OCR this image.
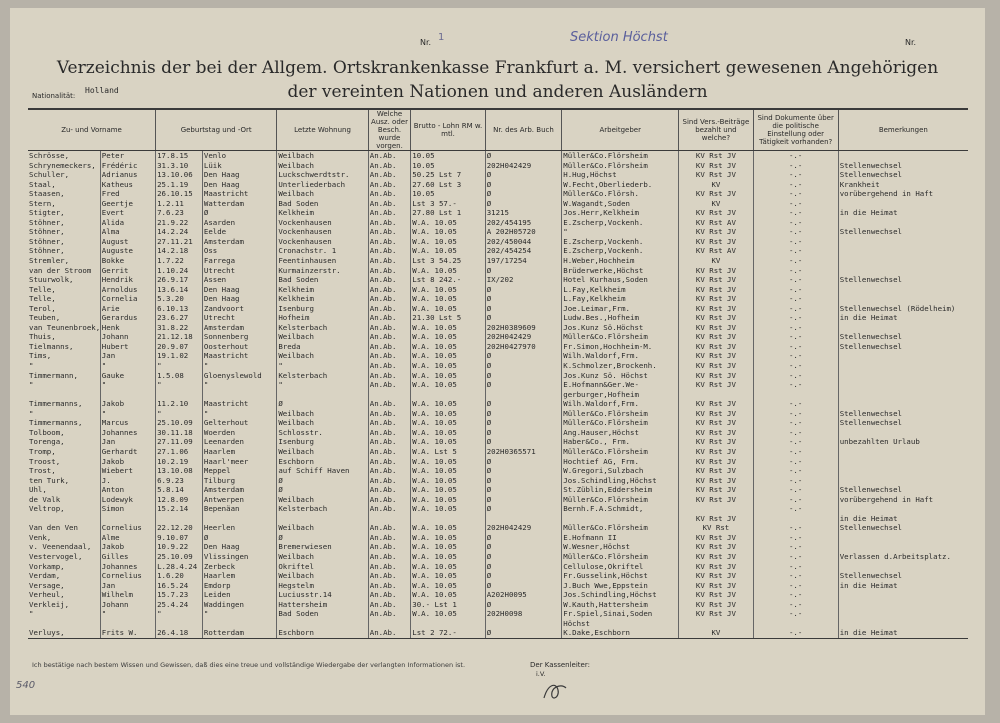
Nr. 1	Sektion Höchst	Nr.
Verzeichnis der bei der Allgem. Ortskrankenkasse Frankfurt a. M. versichert gewesenen Angehörigen
der vereinten Nationen und anderen Ausländern
Nationalität:
Holland
Zu- und Vorname		Geburtstag und -Ort		Letzte Wohnung	Welche Ausz. oder Besch. wurde vorgen.	Brutto - Lohn RM w. mtl.	Nr. des Arb. Buch	Arbeitgeber	Sind Vers.-Beiträge bezahlt und welche?	Sind Dokumente über die politische Einstellung oder Tätigkeit vorhanden?	Bemerkungen
Schrösse,	Peter	17.8.15	Venlo	Weilbach	An.Ab.	10.05	Ø	Müller&Co.Flörsheim	KV Rst JV	-.-	
Schrynemeckers,	Frédéric	31.3.10	Lüik	Weilbach	An.Ab.	10.05	202H042429	Müller&Co.Flörsheim	KV Rst JV	-.-	Stellenwechsel
Schuller,	Adrianus	13.10.06	Den Haag	Luckschwerdtstr.	An.Ab.	50.25 Lst 7	Ø	H.Hug,Höchst	KV Rst JV	-.-	Stellenwechsel
Staal,	Katheus	25.1.19	Den Haag	Unterliederbach	An.Ab.	27.60 Lst 3	Ø	W.Fecht,Oberliederb.	KV	-.-	Krankheit
Staasen,	Fred	26.10.15	Maastricht	Weilbach	An.Ab.	10.05	Ø	Müller&Co.Flörsh.	KV Rst JV	-.-	vorübergehend in Haft
Stern,	Geertje	1.2.11	Watterdam	Bad Soden	An.Ab.	Lst 3 57.-	Ø	W.Wagandt,Soden	KV	-.-	
Stigter,	Evert	7.6.23	Ø	Kelkheim	An.Ab.	27.80 Lst 1	31215	Jos.Herr,Kelkheim	KV Rst JV	-.-	in die Heimat
Stöhner,	Alida	21.9.22	Asarden	Vockenhausen	An.Ab.	W.A. 10.05	202/454195	E.Zscherp,Vockenh.	KV Rst AV	-.-	
Stöhner,	Alma	14.2.24	Eelde	Vockenhausen	An.Ab.	W.A. 10.05	A 202H05720	"	KV Rst JV	-.-	Stellenwechsel
Stöhner,	August	27.11.21	Amsterdam	Vockenhausen	An.Ab.	W.A. 10.05	202/450044	E.Zscherp,Vockenh.	KV Rst JV	-.-	
Stöhner,	Auguste	14.2.18	Oss	Cronachstr. 1	An.Ab.	W.A. 10.05	202/454254	E.Zscherp,Vockenh.	KV Rst AV	-.-	
Stremler,	Bokke	1.7.22	Farrega	Feentinhausen	An.Ab.	Lst 3 54.25	197/17254	H.Weber,Hochheim	KV	-.-	
van der Stroom	Gerrit	1.10.24	Utrecht	Kurmainzerstr.	An.Ab.	W.A. 10.05	Ø	Brüderwerke,Höchst	KV Rst JV	-.-	
Stuurwolk,	Hendrik	26.9.17	Assen	Bad Soden	An.Ab.	Lst 8 242.-	IX/202	Hotel Kurhaus,Soden	KV Rst JV	-.-	Stellenwechsel
Telle,	Arnoldus	13.6.14	Den Haag	Kelkheim	An.Ab.	W.A. 10.05	Ø	L.Fay,Kelkheim	KV Rst JV	-.-	
Telle,	Cornelia	5.3.20	Den Haag	Kelkheim	An.Ab.	W.A. 10.05	Ø	L.Fay,Kelkheim	KV Rst JV	-.-	
Terol,	Arie	6.10.13	Zandvoort	Isenburg	An.Ab.	W.A. 10.05	Ø	Joe.Leimar,Frm.	KV Rst JV	-.-	Stellenwechsel (Rödelheim)
Teuben,	Gerardus	23.6.27	Utrecht	Hofheim	An.Ab.	21.30 Lst 5	Ø	Ludw.Bes.,Hofheim	KV Rst JV	-.-	in die Heimat
van Teunenbroek,	Henk	31.8.22	Amsterdam	Kelsterbach	An.Ab.	W.A. 10.05	202H0389609	Jos.Kunz Sö.Höchst	KV Rst JV	-.-	
Thuis,	Johann	21.12.18	Sonnenberg	Weilbach	An.Ab.	W.A. 10.05	202H042429	Müller&Co.Flörsheim	KV Rst JV	-.-	Stellenwechsel
Tielmanns,	Hubert	20.9.07	Oosterhout	Breda	An.Ab.	W.A. 10.05	202H0427970	Fr.Simon,Hochheim-M.	KV Rst JV	-.-	Stellenwechsel
Tims,	Jan	19.1.02	Maastricht	Weilbach	An.Ab.	W.A. 10.05	Ø	Wilh.Waldorf,Frm.	KV Rst JV	-.-	
"	"	"	"	"	An.Ab.	W.A. 10.05	Ø	K.Schmolzer,Brockenh.	KV Rst JV	-.-	
Timmermann,	Gauke	1.5.08	Gloenyslewold	Kelsterbach	An.Ab.	W.A. 10.05	Ø	Jos.Kunz Sö. Höchst	KV Rst JV	-.-	
"	"	"	"	"	An.Ab.	W.A. 10.05	Ø	E.Hofmann&Ger.We-	KV Rst JV	-.-	
								gerburger,Hofheim			
Timmermanns,	Jakob	11.2.10	Maastricht	Ø	An.Ab.	W.A. 10.05	Ø	Wilh.Waldorf,Frm.	KV Rst JV	-.-	
"	"	"	"	Weilbach	An.Ab.	W.A. 10.05	Ø	Müller&Co.Flörsheim	KV Rst JV	-.-	Stellenwechsel
Timmermanns,	Marcus	25.10.09	Gelterhout	Weilbach	An.Ab.	W.A. 10.05	Ø	Müller&Co.Flörsheim	KV Rst JV	-.-	Stellenwechsel
Tolboom,	Johannes	30.11.18	Woerden	Schlosstr.	An.Ab.	W.A. 10.05	Ø	Ang.Hauser,Höchst	KV Rst JV	-.-	
Torenga,	Jan	27.11.09	Leenarden	Isenburg	An.Ab.	W.A. 10.05	Ø	Haber&Co., Frm.	KV Rst JV	-.-	unbezahlten Urlaub
Tromp,	Gerhardt	27.1.06	Haarlem	Weilbach	An.Ab.	W.A. Lst 5	202H0365571	Müller&Co.Flörsheim	KV Rst JV	-.-	
Troost,	Jakob	10.2.19	Haarl'meer	Eschborn	An.Ab.	W.A. 10.05	Ø	Hochtief AG, Frm.	KV Rst JV	-.-	
Trost,	Wiebert	13.10.08	Meppel	auf Schiff Haven	An.Ab.	W.A. 10.05	Ø	W.Gregori,Sulzbach	KV Rst JV	-.-	
ten Turk,	J.	6.9.23	Tilburg	Ø	An.Ab.	W.A. 10.05	Ø	Jos.Schindling,Höchst	KV Rst JV	-.-	
Uhl,	Anton	5.8.14	Amsterdam	Ø	An.Ab.	W.A. 10.05	Ø	St.Züblin,Eddersheim	KV Rst JV	-.-	Stellenwechsel
de Valk	Lodewyk	12.8.09	Antwerpen	Weilbach	An.Ab.	W.A. 10.05	Ø	Müller&Co.Flörsheim	KV Rst JV	-.-	vorübergehend in Haft
Veltrop,	Simon	15.2.14	Bepenäan	Kelsterbach	An.Ab.	W.A. 10.05	Ø	Bernh.F.A.Schmidt,		-.-	
									KV Rst JV		in die Heimat
Van den Ven	Cornelius	22.12.20	Heerlen	Weilbach	An.Ab.	W.A. 10.05	202H042429	Müller&Co.Flörsheim	KV Rst	-.-	Stellenwechsel
Venk,	Alme	9.10.07	Ø	Ø	An.Ab.	W.A. 10.05	Ø	E.Hofmann II	KV Rst JV	-.-	
v. Veenendaal,	Jakob	10.9.22	Den Haag	Bremerwiesen	An.Ab.	W.A. 10.05	Ø	W.Wesner,Höchst	KV Rst JV	-.-	
Vestervogel,	Gilles	25.10.09	Vlissingen	Weilbach	An.Ab.	W.A. 10.05	Ø	Müller&Co.Flörsheim	KV Rst JV	-.-	Verlassen d.Arbeitsplatz.
Vorkamp,	Johannes	L.28.4.24	Zerbeck	Okriftel	An.Ab.	W.A. 10.05	Ø	Cellulose,Okriftel	KV Rst JV	-.-	
Verdam,	Cornelius	1.6.20	Haarlem	Weilbach	An.Ab.	W.A. 10.05	Ø	Fr.Gusselink,Höchst	KV Rst JV	-.-	Stellenwechsel
Versage,	Jan	16.5.24	Emdorp	Hegstelm	An.Ab.	W.A. 10.05	Ø	J.Buch Wwe,Eppstein	KV Rst JV	-.-	in die Heimat
Verheul,	Wilhelm	15.7.23	Leiden	Luciusstr.14	An.Ab.	W.A. 10.05	A202H0095	Jos.Schindling,Höchst	KV Rst JV	-.-	
Verkleij,	Johann	25.4.24	Waddingen	Hattersheim	An.Ab.	30.- Lst 1	Ø	W.Kauth,Hattersheim	KV Rst JV	-.-	
"	"	"	"	Bad Soden	An.Ab.	W.A. 10.05	202H0098	Fr.Spiel,Sinai,Soden	KV Rst JV	-.-	
								Höchst			
Verluys,	Frits W.	26.4.18	Rotterdam	Eschborn	An.Ab.	Lst 2 72.-	Ø	K.Dake,Eschborn	KV	-.-	in die Heimat
Ich bestätige nach bestem Wissen und Gewissen, daß dies eine treue und vollständige Wiedergabe der verlangten Informationen ist.	Der Kassenleiter:
i.V.
540
